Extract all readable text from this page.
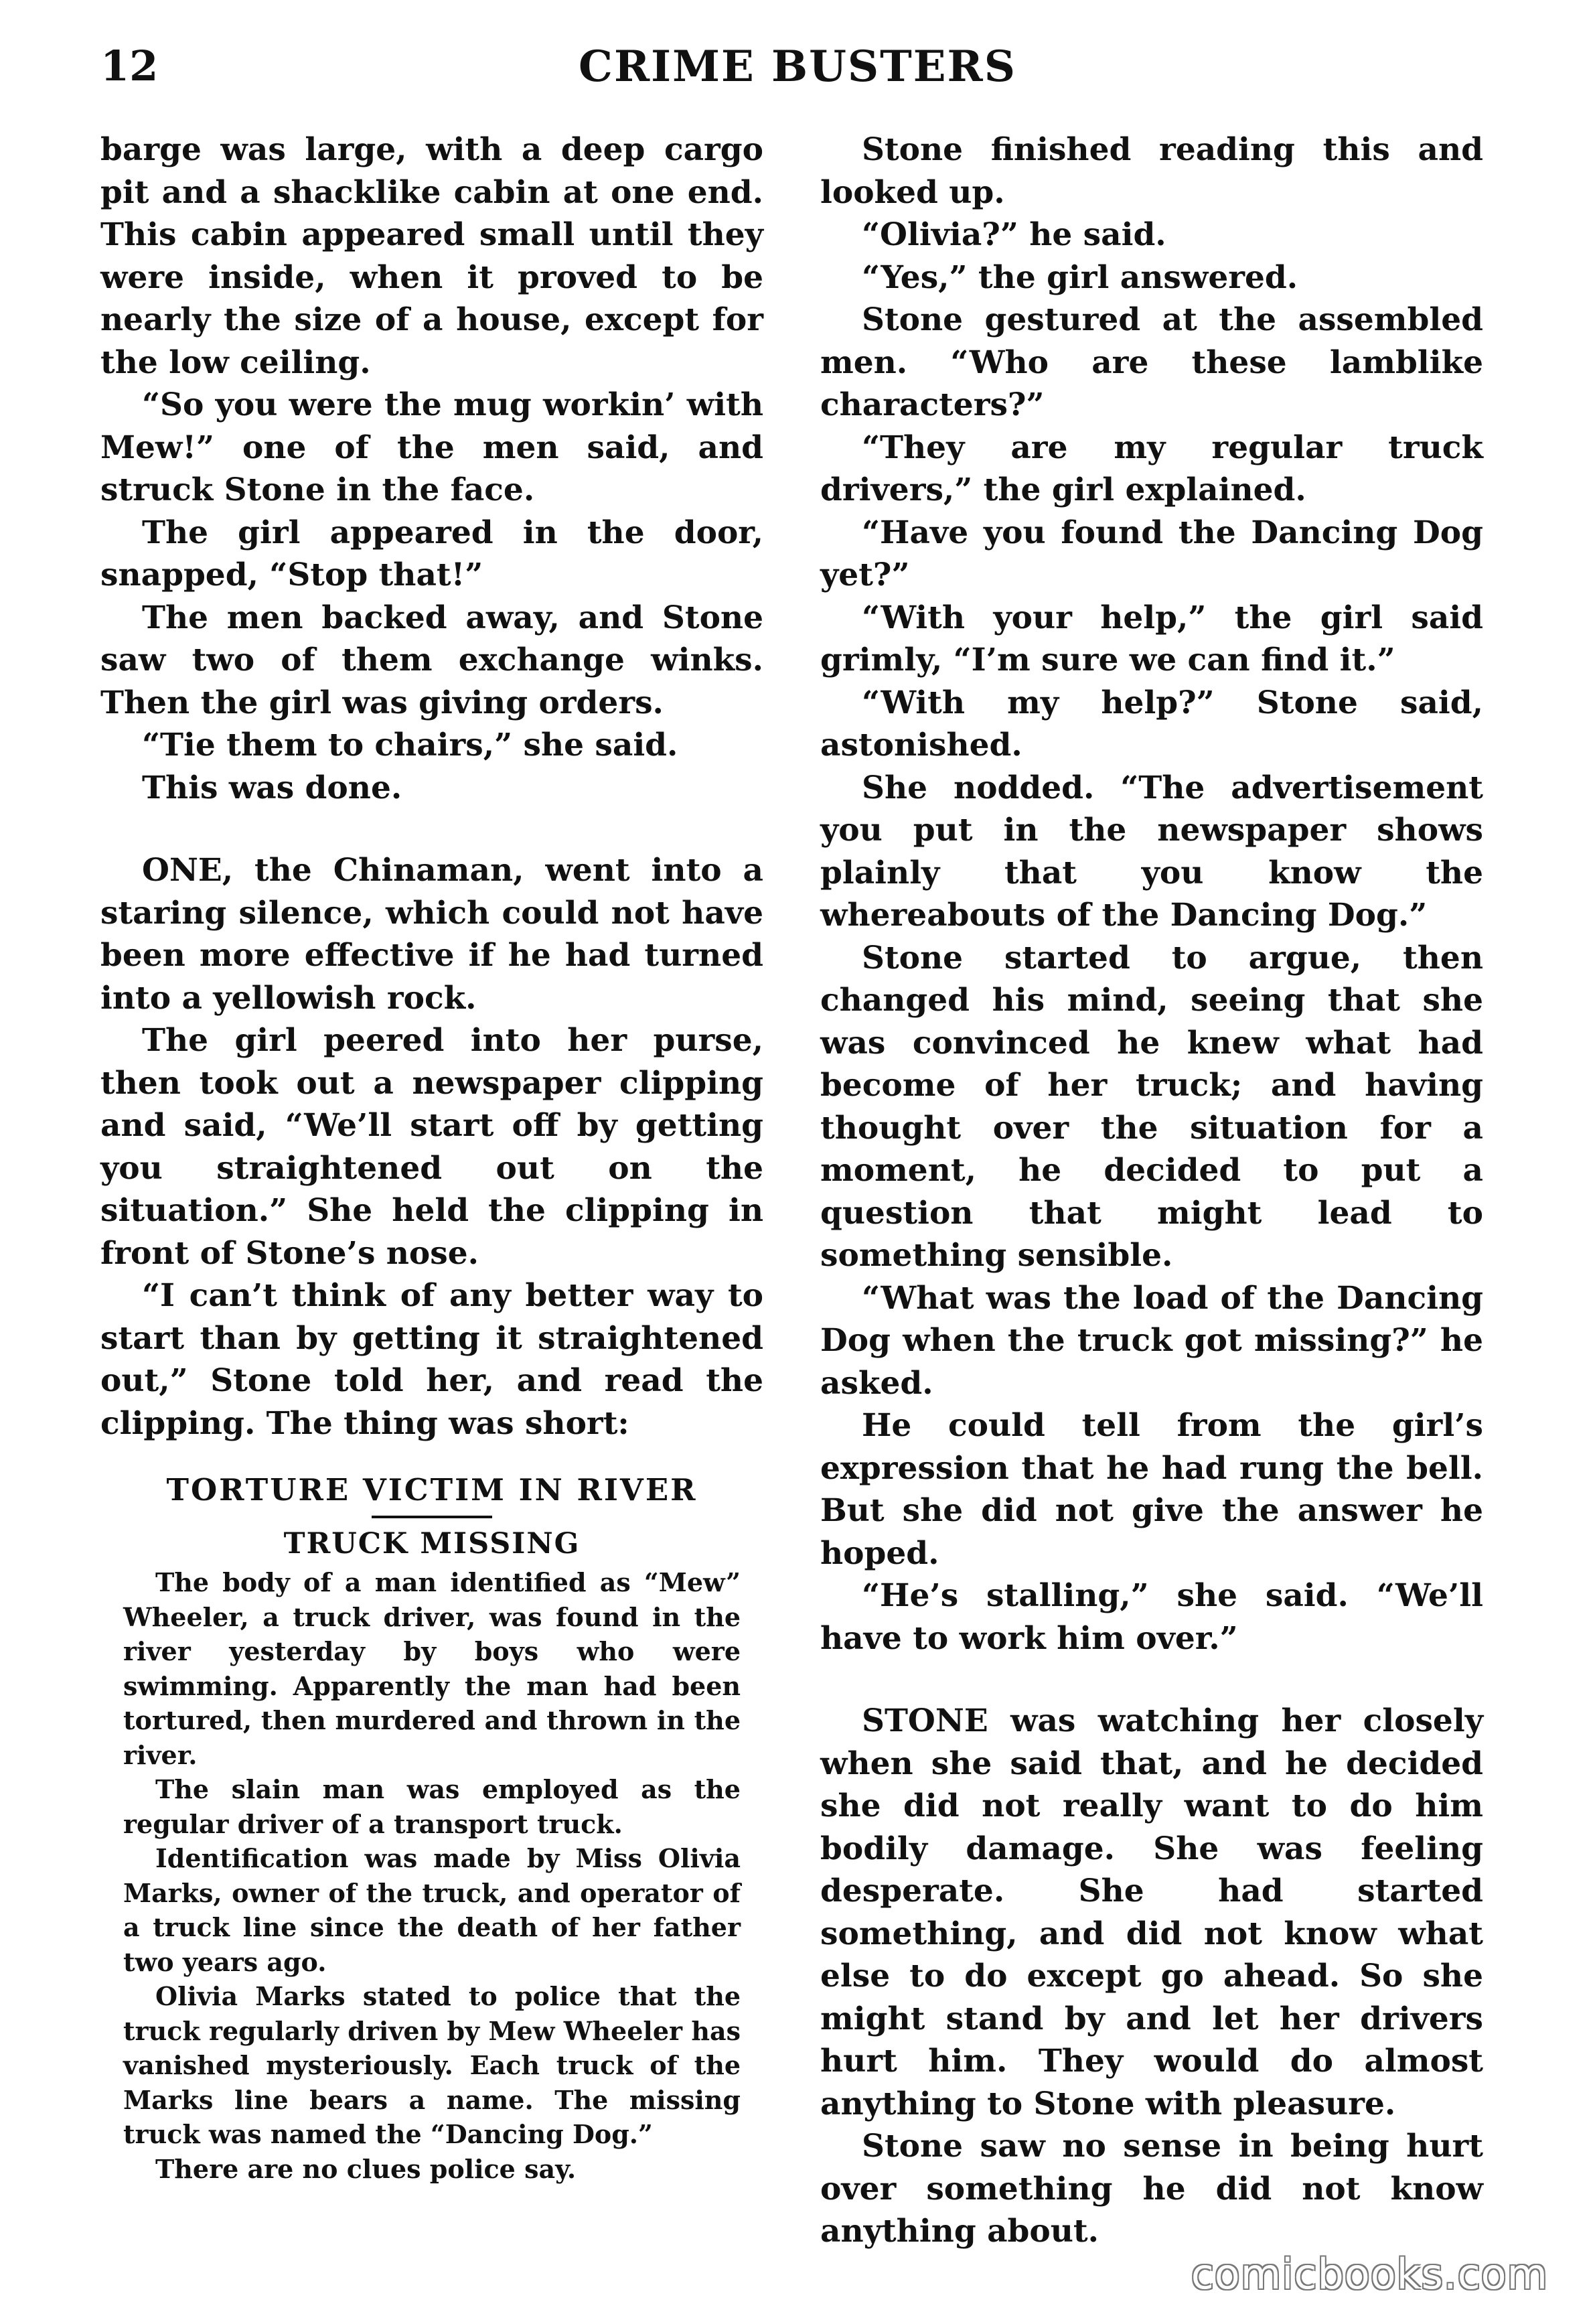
12	CRIME BUSTERS

barge was large, with a deep cargo pit and a shacklike cabin at one end. This cabin appeared small until they were inside, when it proved to be nearly the size of a house, except for the low ceiling.

“So you were the mug workin’ with Mew!” one of the men said, and struck Stone in the face.

The girl appeared in the door, snapped, “Stop that!”

The men backed away, and Stone saw two of them exchange winks. Then the girl was giving orders.

“Tie them to chairs,” she said.

This was done.

ONE, the Chinaman, went into a staring silence, which could not have been more effective if he had turned into a yellowish rock.

The girl peered into her purse, then took out a newspaper clipping and said, “We’ll start off by getting you straightened out on the situation.” She held the clipping in front of Stone’s nose.

“I can’t think of any better way to start than by getting it straightened out,” Stone told her, and read the clipping. The thing was short:

TORTURE VICTIM IN RIVER
TRUCK MISSING

The body of a man identified as “Mew” Wheeler, a truck driver, was found in the river yesterday by boys who were swimming. Apparently the man had been tortured, then murdered and thrown in the river.

The slain man was employed as the regular driver of a transport truck.

Identification was made by Miss Olivia Marks, owner of the truck, and operator of a truck line since the death of her father two years ago.

Olivia Marks stated to police that the truck regularly driven by Mew Wheeler has vanished mysteriously. Each truck of the Marks line bears a name. The missing truck was named the “Dancing Dog.”

There are no clues police say.

Stone finished reading this and looked up.

“Olivia?” he said.

“Yes,” the girl answered.

Stone gestured at the assembled men. “Who are these lamblike characters?”

“They are my regular truck drivers,” the girl explained.

“Have you found the Dancing Dog yet?”

“With your help,” the girl said grimly, “I’m sure we can find it.”

“With my help?” Stone said, astonished.

She nodded. “The advertisement you put in the newspaper shows plainly that you know the whereabouts of the Dancing Dog.”

Stone started to argue, then changed his mind, seeing that she was convinced he knew what had become of her truck; and having thought over the situation for a moment, he decided to put a question that might lead to something sensible.

“What was the load of the Dancing Dog when the truck got missing?” he asked.

He could tell from the girl’s expression that he had rung the bell. But she did not give the answer he hoped.

“He’s stalling,” she said. “We’ll have to work him over.”

STONE was watching her closely when she said that, and he decided she did not really want to do him bodily damage. She was feeling desperate. She had started something, and did not know what else to do except go ahead. So she might stand by and let her drivers hurt him. They would do almost anything to Stone with pleasure.

Stone saw no sense in being hurt over something he did not know anything about.

comicbooks.com
